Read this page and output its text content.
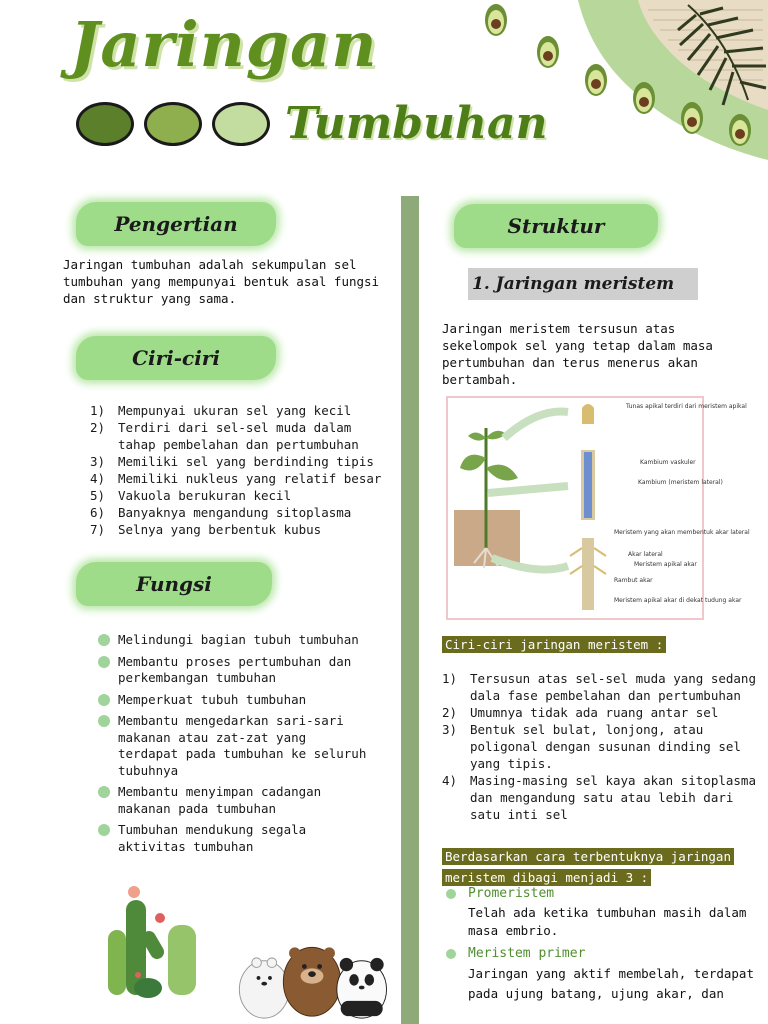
Jaringan
Tumbuhan
Pengertian
Jaringan tumbuhan adalah sekumpulan sel tumbuhan yang mempunyai bentuk asal fungsi dan struktur yang sama.
Ciri-ciri
1)	Mempunyai ukuran sel yang kecil
2)	Terdiri dari sel-sel muda dalam tahap pembelahan dan pertumbuhan
3)	Memiliki sel yang berdinding tipis
4)	Memiliki nukleus yang relatif besar
5)	Vakuola berukuran kecil
6)	Banyaknya mengandung sitoplasma
7)	Selnya yang berbentuk kubus
Fungsi
Melindungi bagian tubuh tumbuhan
Membantu proses pertumbuhan dan perkembangan tumbuhan
Memperkuat tubuh tumbuhan
Membantu mengedarkan sari-sari makanan atau zat-zat yang terdapat pada tumbuhan ke seluruh tubuhnya
Membantu menyimpan cadangan makanan pada tumbuhan
Tumbuhan mendukung segala aktivitas tumbuhan
Struktur
1. Jaringan meristem
Jaringan meristem tersusun atas sekelompok sel yang tetap dalam masa pertumbuhan dan terus menerus akan bertambah.
Tunas apikal terdiri dari meristem apikal
Kambium vaskuler
Kambium (meristem lateral)
Meristem yang akan membentuk akar lateral
Akar lateral
Meristem apikal akar
Rambut akar
Meristem apikal akar di dekat tudung akar
Ciri-ciri jaringan meristem :
1)	Tersusun atas sel-sel muda yang sedang dala fase pembelahan dan pertumbuhan
2)	Umumnya tidak ada ruang antar sel
3)	Bentuk sel bulat, lonjong, atau poligonal dengan susunan dinding sel yang tipis.
4)	Masing-masing sel kaya akan sitoplasma dan mengandung satu atau lebih dari satu inti sel
Berdasarkan cara terbentuknya jaringan
meristem dibagi menjadi 3 :
Promeristem
Telah ada ketika tumbuhan masih dalam masa embrio.
Meristem primer
Jaringan yang aktif membelah, terdapat pada ujung batang, ujung akar, dan
